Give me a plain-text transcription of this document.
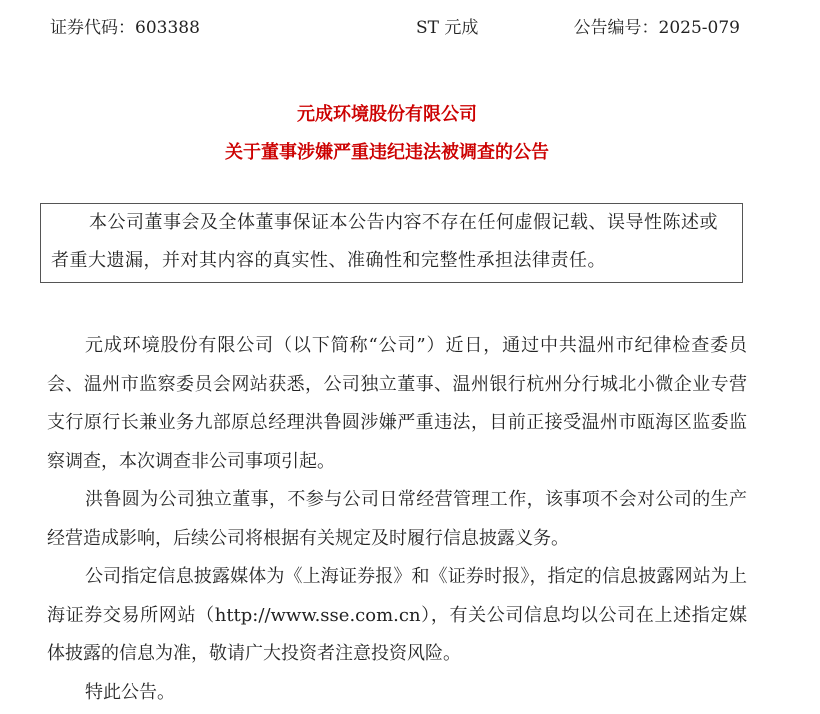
证券代码：603388	ST 元成	公告编号：2025-079
元成环境股份有限公司
关于董事涉嫌严重违纪违法被调查的公告

本公司董事会及全体董事保证本公告内容不存在任何虚假记载、误导性陈述或者重大遗漏，并对其内容的真实性、准确性和完整性承担法律责任。

元成环境股份有限公司（以下简称“公司”）近日，通过中共温州市纪律检查委员会、温州市监察委员会网站获悉，公司独立董事、温州银行杭州分行城北小微企业专营支行原行长兼业务九部原总经理洪鲁圆涉嫌严重违法，目前正接受温州市瓯海区监委监察调查，本次调查非公司事项引起。

洪鲁圆为公司独立董事，不参与公司日常经营管理工作，该事项不会对公司的生产经营造成影响，后续公司将根据有关规定及时履行信息披露义务。

公司指定信息披露媒体为《上海证券报》和《证券时报》，指定的信息披露网站为上海证券交易所网站（http://www.sse.com.cn），有关公司信息均以公司在上述指定媒体披露的信息为准，敬请广大投资者注意投资风险。

特此公告。
